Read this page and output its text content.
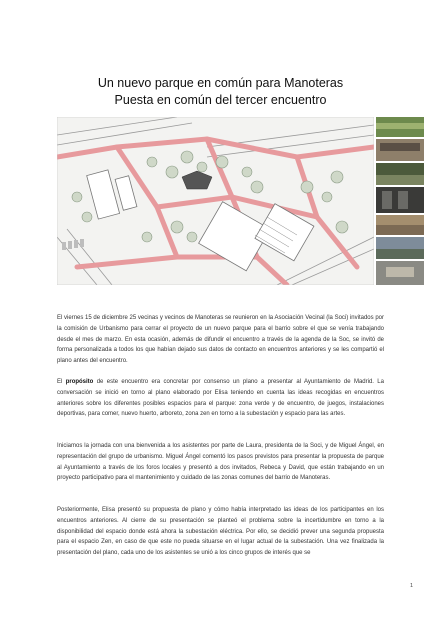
Un nuevo parque en común para Manoteras
Puesta en común del tercer encuentro
El viernes 15 de diciembre 25 vecinas y vecinos de Manoteras se reunieron en la Asociación Vecinal (la Soci) invitados por la comisión de Urbanismo para cerrar el proyecto de un nuevo parque para el barrio sobre el que se venía trabajando desde el mes de marzo. En esta ocasión, además de difundir el encuentro a través de la agenda de la Soc, se invitó de forma personalizada a todos los que habían dejado sus datos de contacto en encuentros anteriores y se les compartió el plano antes del encuentro.
El propósito de este encuentro era concretar por consenso un plano a presentar al Ayuntamiento de Madrid. La conversación se inició en torno al plano elaborado por Elisa teniendo en cuenta las ideas recogidas en encuentros anteriores sobre los diferentes posibles espacios para el parque: zona verde y de encuentro, de juegos, instalaciones deportivas, para comer, nuevo huerto, arboreto, zona zen en torno a la subestación y espacio para las artes.
Iniciamos la jornada con una bienvenida a los asistentes por parte de Laura, presidenta de la Soci, y de Miguel Ángel, en representación del grupo de urbanismo. Miguel Ángel comentó los pasos previstos para presentar la propuesta de parque al Ayuntamiento a través de los foros locales y presentó a dos invitados, Rebeca y David, que están trabajando en un proyecto participativo para el mantenimiento y cuidado de las zonas comunes del barrio de Manoteras.
Posteriormente, Elisa presentó su propuesta de plano y cómo había interpretado las ideas de los participantes en los encuentros anteriores. Al cierre de su presentación se planteó el problema sobre la incertidumbre en torno a la disponibilidad del espacio donde está ahora la subestación eléctrica. Por ello, se decidió prever una segunda propuesta para el espacio Zen, en caso de que este no pueda situarse en el lugar actual de la subestación. Una vez finalizada la presentación del plano, cada uno de los asistentes se unió a los cinco grupos de interés que se
1
